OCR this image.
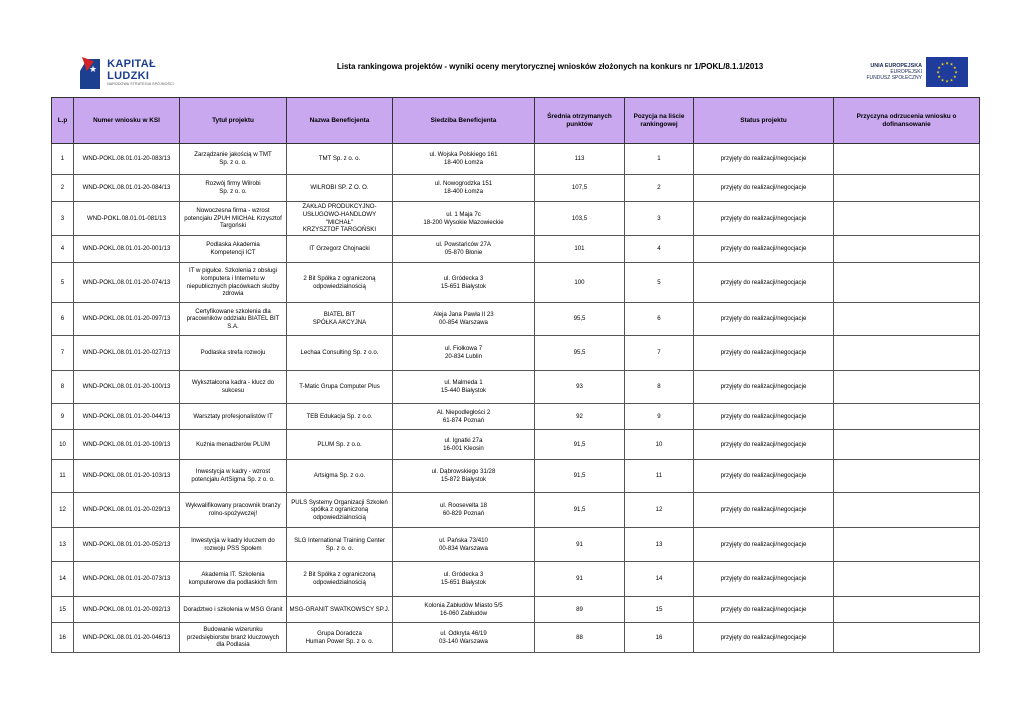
★ KAPITAŁ LUDZKI
NARODOWA STRATEGIA SPÓJNOŚCI
Lista rankingowa projektów - wyniki oceny merytorycznej wniosków złożonych na konkurs nr 1/POKL/8.1.1/2013	UNIA EUROPEJSKA
EUROPEJSKI
FUNDUSZ SPOŁECZNY
★ ★
★
★
★
★
★
★
★
★
★
★
L.p	Numer wniosku w KSI	Tytuł projektu	Nazwa Beneficjenta	Siedziba Beneficjenta	Średnia otrzymanych punktów	Pozycja na liście rankingowej	Status projektu	Przyczyna odrzucenia wniosku o dofinansowanie
1	WND-POKL.08.01.01-20-083/13	Zarządzanie jakością w TMT
Sp. z o. o.	TMT Sp. z o. o.	ul. Wojska Polskiego 161
18-400 Łomża	113	1	przyjęty do realizacji/negocjacje	
2	WND-POKL.08.01.01-20-084/13	Rozwój firmy Wilrobi
Sp. z o. o.	WILROBI SP. Z O. O.	ul. Nowogrodzka 151
18-400 Łomża	107,5	2	przyjęty do realizacji/negocjacje	
3	WND-POKL.08.01.01-081/13	Nowoczesna firma - wzrost
potencjału ZPUH MICHAŁ Krzysztof
Targoński	ZAKŁAD PRODUKCYJNO-
USŁUGOWO-HANDLOWY "MICHAŁ"
KRZYSZTOF TARGOŃSKI	ul. 1 Maja 7c
18-200 Wysokie Mazowieckie	103,5	3	przyjęty do realizacji/negocjacje	
4	WND-POKL.08.01.01-20-001/13	Podlaska Akademia
Kompetencji ICT	IT Grzegorz Chojnacki	ul. Powstańców 27A
05-870 Błonie	101	4	przyjęty do realizacji/negocjacje	
5	WND-POKL.08.01.01-20-074/13	IT w pigułce. Szkolenia z obsługi
komputera i Internetu w
niepublicznych placówkach służby
zdrowia	2 Bit Spółka z ograniczoną
odpowiedzialnością	ul. Gródecka 3
15-651 Białystok	100	5	przyjęty do realizacji/negocjacje	
6	WND-POKL.08.01.01-20-097/13	Certyfikowane szkolenia dla
pracowników oddziału BIATEL BIT
S.A.	BIATEL BIT
SPÓŁKA AKCYJNA	Aleja Jana Pawła II 23
00-854 Warszawa	95,5	6	przyjęty do realizacji/negocjacje	
7	WND-POKL.08.01.01-20-027/13	Podlaska strefa rozwoju	Lechaa Consulting Sp. z o.o.	ul. Fiołkowa 7
20-834 Lublin	95,5	7	przyjęty do realizacji/negocjacje	
8	WND-POKL.08.01.01-20-100/13	Wykształcona kadra - klucz do
sukcesu	T-Matic Grupa Computer Plus	ul. Malmeda 1
15-440 Białystok	93	8	przyjęty do realizacji/negocjacje	
9	WND-POKL.08.01.01-20-044/13	Warsztaty profesjonalistów IT	TEB Edukacja Sp. z o.o.	Al. Niepodległości 2
61-874 Poznań	92	9	przyjęty do realizacji/negocjacje	
10	WND-POKL.08.01.01-20-109/13	Kuźnia menadżerów PLUM	PLUM Sp. z o.o.	ul. Ignatki 27a
16-001 Kleosin	91,5	10	przyjęty do realizacji/negocjacje	
11	WND-POKL.08.01.01-20-103/13	Inwestycja w kadry - wzrost
potencjału ArtSigma Sp. z o. o.	Artsigma Sp. z o.o.	ul. Dąbrowskiego 31/28
15-872 Białystok	91,5	11	przyjęty do realizacji/negocjacje	
12	WND-POKL.08.01.01-20-029/13	Wykwalifikowany pracownik branży
rolno-spożywczej!	PULS Systemy Organizacji Szkoleń
spółka z ograniczoną
odpowiedzialnością	ul. Roosevelta 18
60-829 Poznań	91,5	12	przyjęty do realizacji/negocjacje	
13	WND-POKL.08.01.01-20-052/13	Inwestycja w kadry kluczem do
rozwoju PSS Społem	SLG International Training Center
Sp. z o. o.	ul. Pańska 73/410
00-834 Warszawa	91	13	przyjęty do realizacji/negocjacje	
14	WND-POKL.08.01.01-20-073/13	Akademia IT. Szkolenia
komputerowe dla podlaskich firm	2 Bit Spółka z ograniczoną
odpowiedzialnością	ul. Gródecka 3
15-651 Białystok	91	14	przyjęty do realizacji/negocjacje	
15	WND-POKL.08.01.01-20-092/13	Doradztwo i szkolenia w MSG Granit	MSG-GRANIT SWATKOWSCY SP.J.	Kolonia Zabłudów Miasto 5/5
16-060 Zabłudów	89	15	przyjęty do realizacji/negocjacje	
16	WND-POKL.08.01.01-20-046/13	Budowanie wizerunku
przedsiębiorstw branż kluczowych
dla Podlasia	Grupa Doradcza
Human Power Sp. z o. o.	ul. Odkryta 46/19
03-140 Warszawa	88	16	przyjęty do realizacji/negocjacje	
